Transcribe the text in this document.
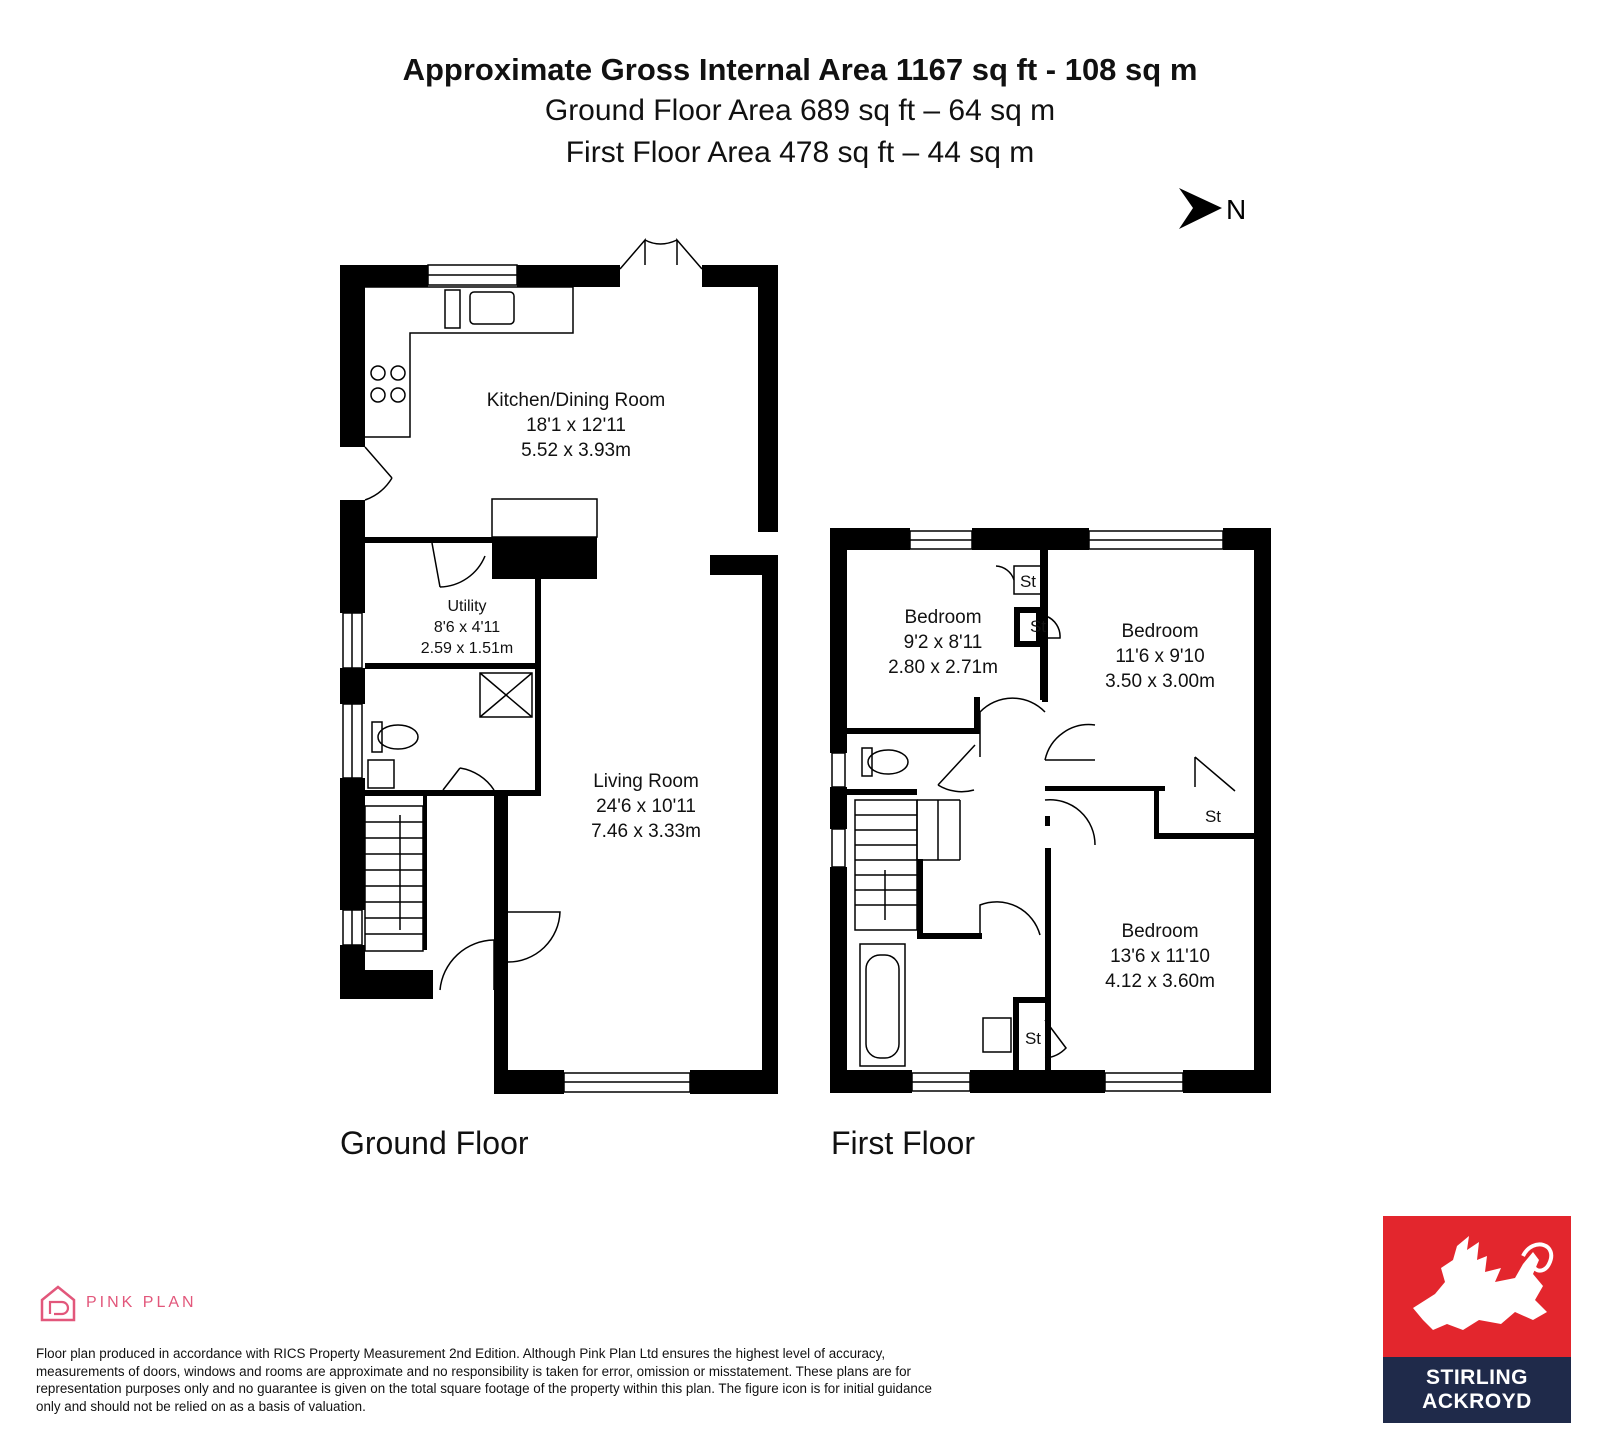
Approximate Gross Internal Area 1167 sq ft - 108 sq m
Ground Floor Area 689 sq ft – 64 sq m
First Floor Area 478 sq ft – 44 sq m
N
Kitchen/Dining Room
18'1 x 12'11
5.52 x 3.93m
Utility
8'6 x 4'11
2.59 x 1.51m
Living Room
24'6 x 10'11
7.46 x 3.33m
Bedroom
9'2 x 8'11
2.80 x 2.71m
Bedroom
11'6 x 9'10
3.50 x 3.00m
Bedroom
13'6 x 11'10
4.12 x 3.60m
St
St
St
St
Ground Floor	First Floor
PINK PLAN
Floor plan produced in accordance with RICS Property Measurement 2nd Edition. Although Pink Plan Ltd ensures the highest level of accuracy, measurements of doors, windows and rooms are approximate and no responsibility is taken for error, omission or misstatement. These plans are for representation purposes only and no guarantee is given on the total square footage of the property within this plan. The figure icon is for initial guidance only and should not be relied on as a basis of valuation.
STIRLING
ACKROYD
